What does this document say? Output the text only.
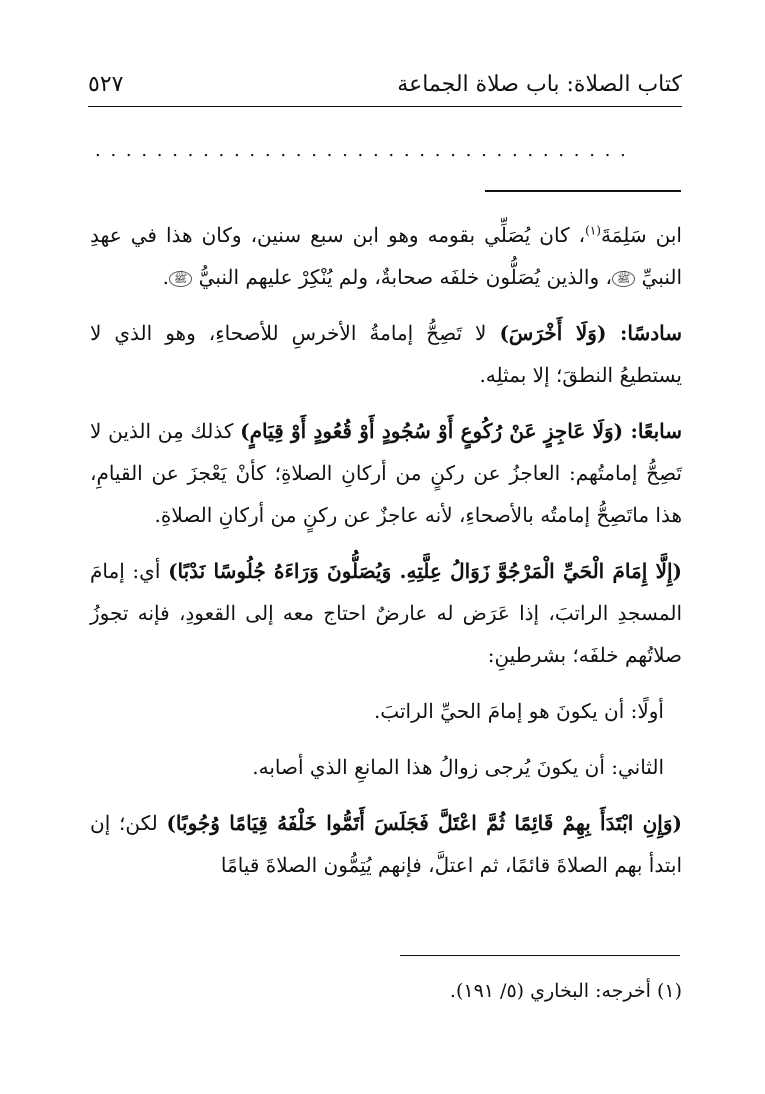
كتاب الصلاة: باب صلاة الجماعة
٥٢٧
. . . . . . . . . . . . . . . . . . . . . . . . . . . . . . . . . . .

ابن سَلِمَةَ$^{(١)}$، كان يُصَلِّي بقومه وهو ابن سبع سنين، وكان هذا في عهدِ النبيِّ ﷺ، والذين يُصَلُّون خلفَه صحابةٌ، ولم يُنْكِرْ عليهم النبيُّ ﷺ.

سادسًا: (وَلَا أَخْرَسَ) لا تَصِحُّ إمامةُ الأخرسِ للأصحاءِ، وهو الذي لا يستطيعُ النطقَ؛ إلا بمثلِه.

سابعًا: (وَلَا عَاجِزٍ عَنْ رُكُوعٍ أَوْ سُجُودٍ أَوْ قُعُودٍ أَوْ قِيَامٍ) كذلك مِن الذين لا تَصِحُّ إمامتُهم: العاجزُ عن ركنٍ من أركانِ الصلاةِ؛ كأنْ يَعْجزَ عن القيامِ، هذا ماتَصِحُّ إمامتُه بالأصحاءِ، لأنه عاجزٌ عن ركنٍ من أركانِ الصلاةِ.

(إِلَّا إِمَامَ الْحَيِّ الْمَرْجُوَّ زَوَالُ عِلَّتِهِ. وَيُصَلُّونَ وَرَاءَهُ جُلُوسًا نَدْبًا) أي: إمامَ المسجدِ الراتبَ، إذا عَرَض له عارضٌ احتاج معه إلى القعودِ، فإنه تجوزُ صلاتُهم خلفَه؛ بشرطينِ:

أولًا: أن يكونَ هو إمامَ الحيِّ الراتبَ.

الثاني: أن يكونَ يُرجى زوالُ هذا المانعِ الذي أصابه.

(وَإِنِ ابْتَدَأَ بِهِمْ قَائِمًا ثُمَّ اعْتَلَّ فَجَلَسَ أَتَمُّوا خَلْفَهُ قِيَامًا وُجُوبًا) لكن؛ إن ابتدأ بهم الصلاةَ قائمًا، ثم اعتلَّ، فإنهم يُتِمُّون الصلاةَ قيامًا

(١) أخرجه: البخاري (٥/ ١٩١).
